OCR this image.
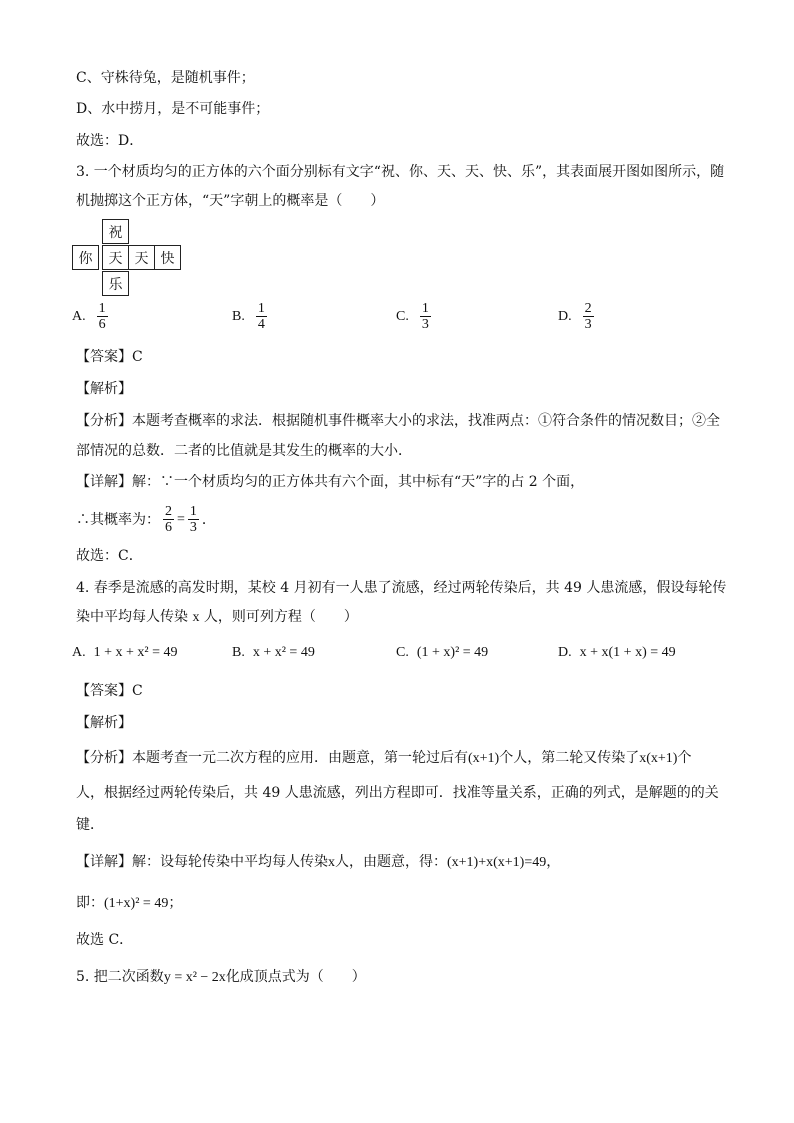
C、守株待兔，是随机事件；
D、水中捞月，是不可能事件；
故选：D．
3. 一个材质均匀的正方体的六个面分别标有文字“祝、你、天、天、快、乐”，其表面展开图如图所示，随
机抛掷这个正方体，“天”字朝上的概率是（　　）
祝
你	天 天 快
乐
A. $\frac{1}{6}$	B. $\frac{1}{4}$	C. $\frac{1}{3}$	D. $\frac{2}{3}$
【答案】C
【解析】
【分析】本题考查概率的求法．根据随机事件概率大小的求法，找准两点：①符合条件的情况数目；②全
部情况的总数．二者的比值就是其发生的概率的大小．
【详解】解：∵一个材质均匀的正方体共有六个面，其中标有“天”字的占 2 个面，
∴其概率为： $\frac{2}{6} = \frac{1}{3}$ ．
故选：C．
4. 春季是流感的高发时期，某校 4 月初有一人患了流感，经过两轮传染后，共 49 人患流感，假设每轮传
染中平均每人传染 x 人，则可列方程（　　）
A. 1 + x + x² = 49	B. x + x² = 49	C. (1 + x)² = 49	D. x + x(1 + x) = 49
【答案】C
【解析】
【分析】本题考查一元二次方程的应用．由题意，第一轮过后有(x+1)个人，第二轮又传染了x(x+1)个
人，根据经过两轮传染后，共 49 人患流感，列出方程即可．找准等量关系，正确的列式，是解题的的关
键．
【详解】解：设每轮传染中平均每人传染x人，由题意，得：(x+1)+x(x+1)=49，
即：(1+x)² = 49；
故选 C．
5. 把二次函数y = x² − 2x化成顶点式为（　　）
